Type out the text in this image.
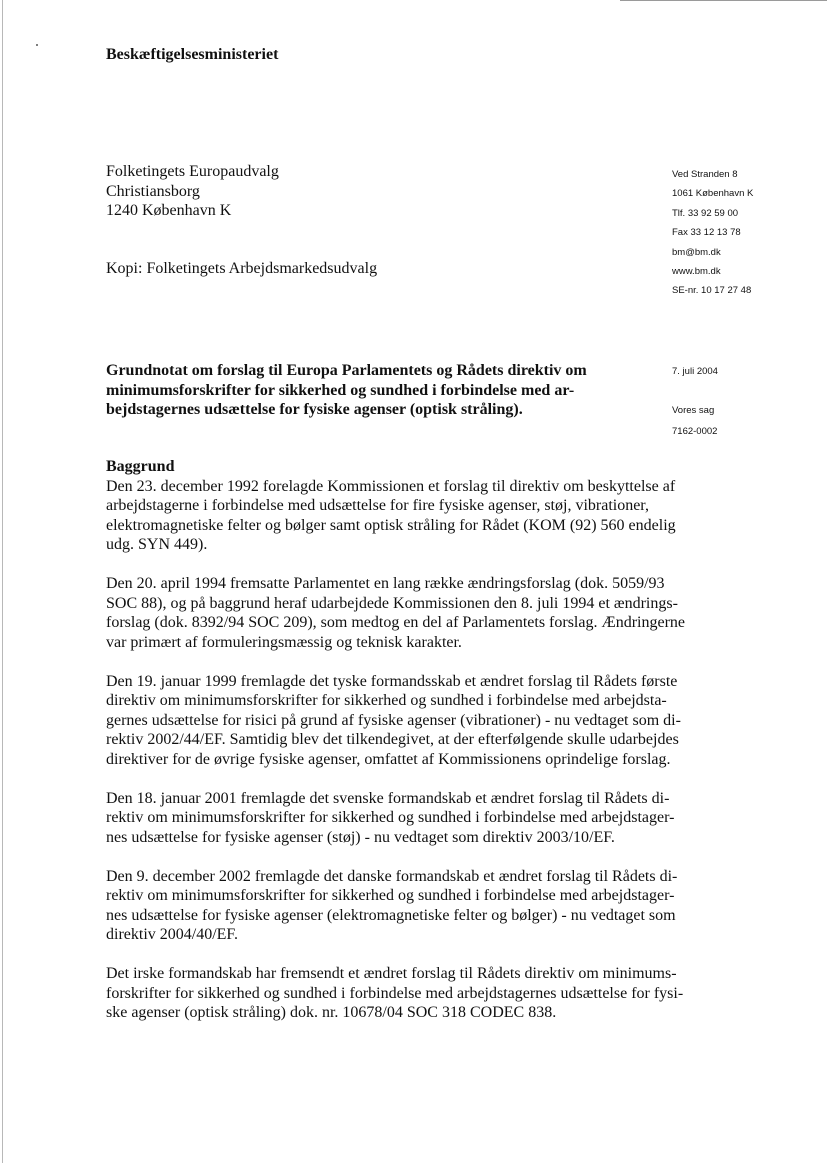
Beskæftigelsesministeriet
Folketingets Europaudvalg
Christiansborg
1240 København K
Kopi: Folketingets Arbejdsmarkedsudvalg
Ved Stranden 8
1061 København K
Tlf. 33 92 59 00
Fax 33 12 13 78
bm@bm.dk
www.bm.dk
SE-nr. 10 17 27 48
Grundnotat om forslag til Europa Parlamentets og Rådets direktiv om
minimumsforskrifter for sikkerhed og sundhed i forbindelse med ar-
bejdstagernes udsættelse for fysiske agenser (optisk stråling).
7. juli 2004
Vores sag
7162-0002
Baggrund

Den 23. december 1992 forelagde Kommissionen et forslag til direktiv om beskyttelse af
arbejdstagerne i forbindelse med udsættelse for fire fysiske agenser, støj, vibrationer,
elektromagnetiske felter og bølger samt optisk stråling for Rådet (KOM (92) 560 endelig
udg. SYN 449).

Den 20. april 1994 fremsatte Parlamentet en lang række ændringsforslag (dok. 5059/93
SOC 88), og på baggrund heraf udarbejdede Kommissionen den 8. juli 1994 et ændrings-
forslag (dok. 8392/94 SOC 209), som medtog en del af Parlamentets forslag. Ændringerne
var primært af formuleringsmæssig og teknisk karakter.

Den 19. januar 1999 fremlagde det tyske formandsskab et ændret forslag til Rådets første
direktiv om minimumsforskrifter for sikkerhed og sundhed i forbindelse med arbejdsta-
gernes udsættelse for risici på grund af fysiske agenser (vibrationer) - nu vedtaget som di-
rektiv 2002/44/EF. Samtidig blev det tilkendegivet, at der efterfølgende skulle udarbejdes
direktiver for de øvrige fysiske agenser, omfattet af Kommissionens oprindelige forslag.

Den 18. januar 2001 fremlagde det svenske formandskab et ændret forslag til Rådets di-
rektiv om minimumsforskrifter for sikkerhed og sundhed i forbindelse med arbejdstager-
nes udsættelse for fysiske agenser (støj) - nu vedtaget som direktiv 2003/10/EF.

Den 9. december 2002 fremlagde det danske formandskab et ændret forslag til Rådets di-
rektiv om minimumsforskrifter for sikkerhed og sundhed i forbindelse med arbejdstager-
nes udsættelse for fysiske agenser (elektromagnetiske felter og bølger) - nu vedtaget som
direktiv 2004/40/EF.

Det irske formandskab har fremsendt et ændret forslag til Rådets direktiv om minimums-
forskrifter for sikkerhed og sundhed i forbindelse med arbejdstagernes udsættelse for fysi-
ske agenser (optisk stråling) dok. nr. 10678/04 SOC 318 CODEC 838.
